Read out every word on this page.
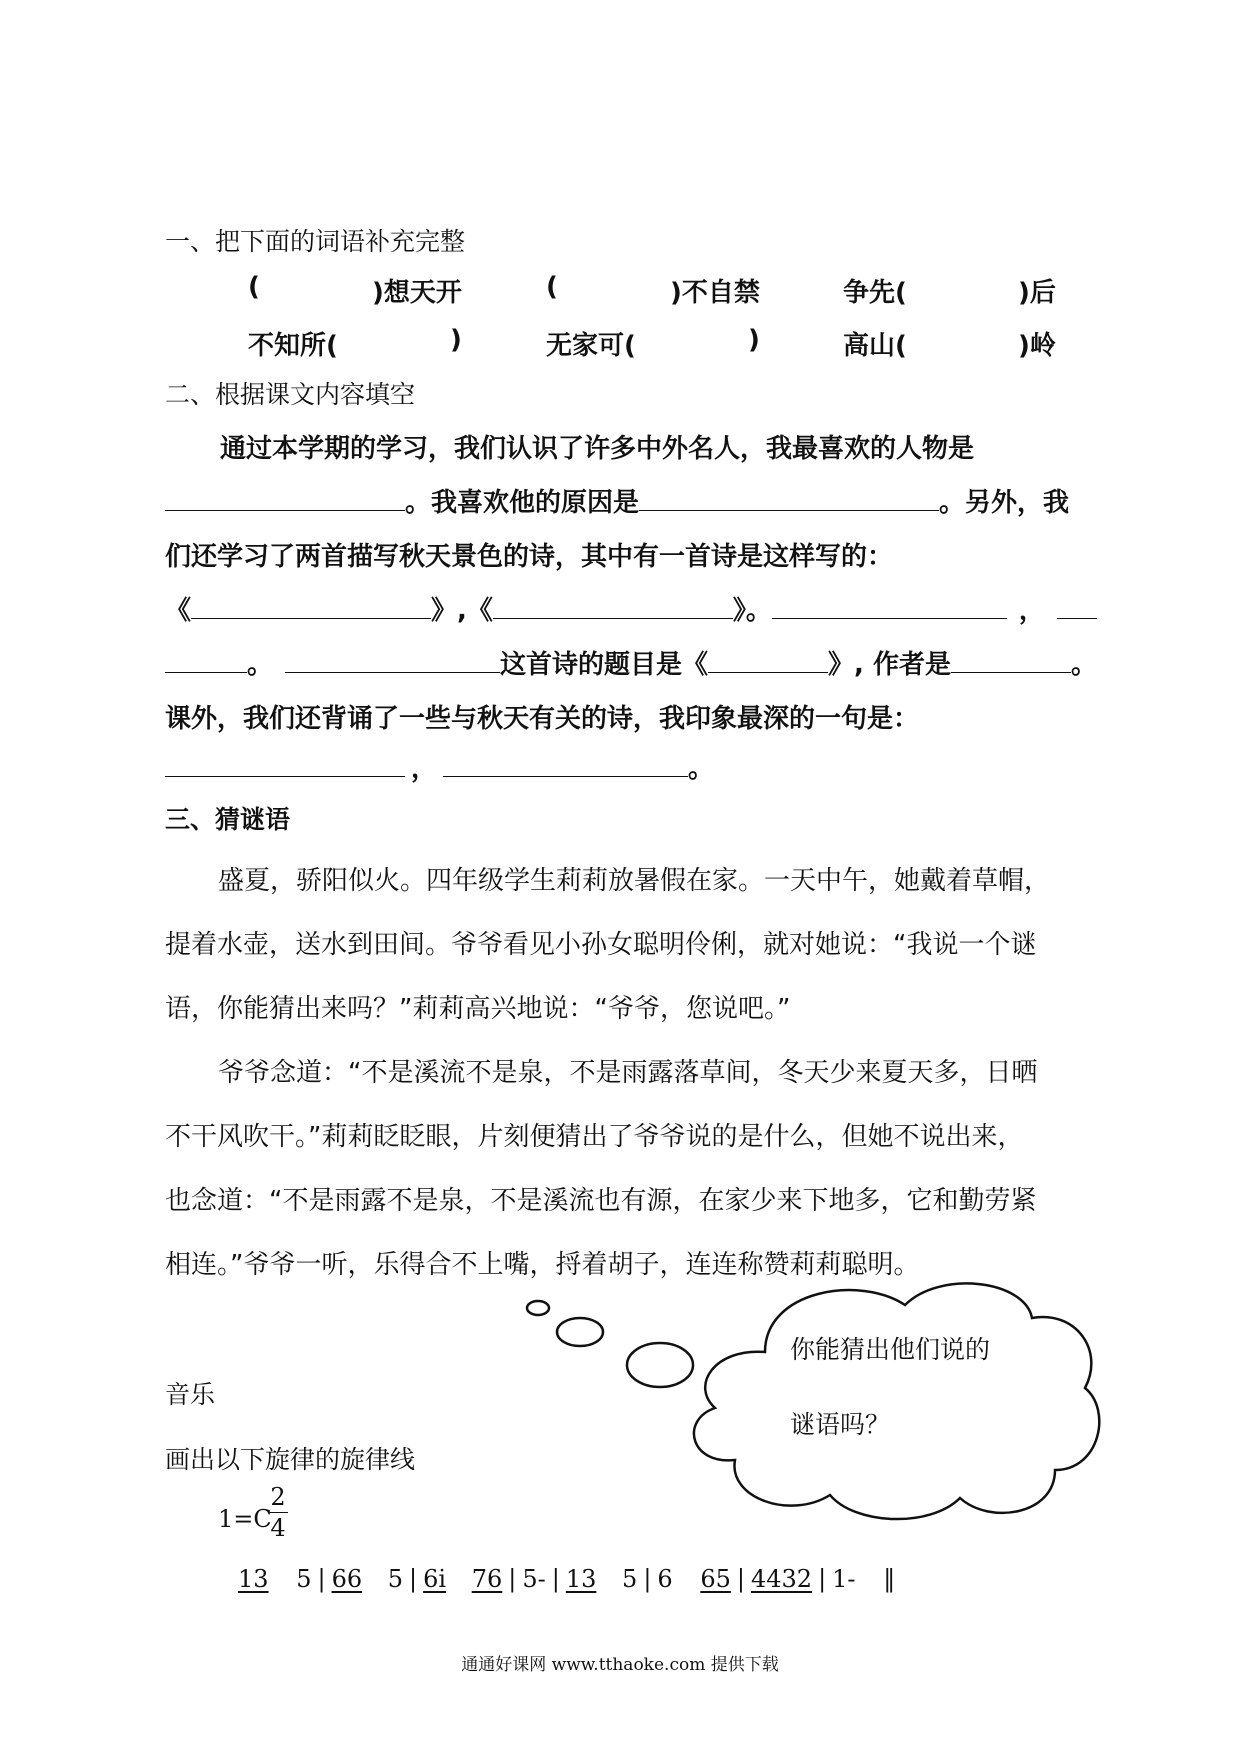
一、把下面的词语补充完整
(	)想天开	(	)不自禁	争先(	)后
不知所(	)	无家可(	)	高山(	)岭
二、根据课文内容填空
通过本学期的学习，我们认识了许多中外名人，我最喜欢的人物是
。我喜欢他的原因是	。另外，我
们还学习了两首描写秋天景色的诗，其中有一首诗是这样写的：
《	》,《	》。	，
。	这首诗的题目是《	》, 作者是	。
课外，我们还背诵了一些与秋天有关的诗，我印象最深的一句是：
，	。
三、猜谜语
盛夏，骄阳似火。四年级学生莉莉放暑假在家。一天中午，她戴着草帽，
提着水壶，送水到田间。爷爷看见小孙女聪明伶俐，就对她说：“我说一个谜
语，你能猜出来吗？”莉莉高兴地说：“爷爷，您说吧。”
爷爷念道：“不是溪流不是泉，不是雨露落草间，冬天少来夏天多，日晒
不干风吹干。”莉莉眨眨眼，片刻便猜出了爷爷说的是什么，但她不说出来，
也念道：“不是雨露不是泉，不是溪流也有源，在家少来下地多，它和勤劳紧
相连。”爷爷一听，乐得合不上嘴，捋着胡子，连连称赞莉莉聪明。
你能猜出他们说的
谜语吗？
音乐
画出以下旋律的旋律线
1=C
2
4
13 5 | 66 5 | 6i 76 | 5- | 13 5 | 6 65 | 4432 | 1- ‖
通通好课网 www.tthaoke.com 提供下载
